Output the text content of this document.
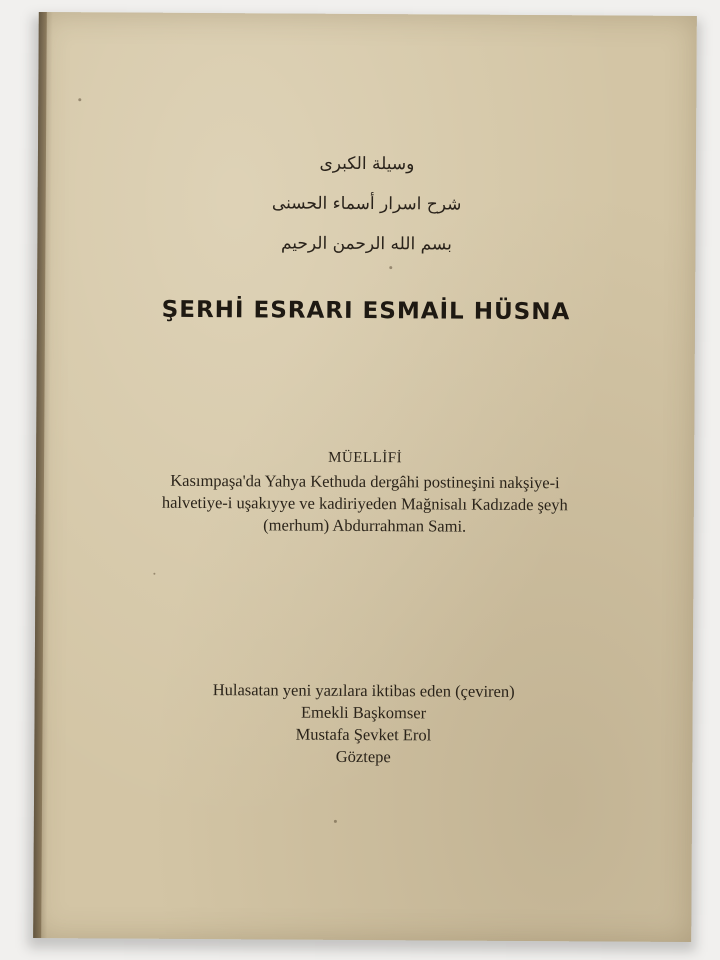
وسيلة الكبرى

شرح اسرار أسماء الحسنى

بسم الله الرحمن الرحيم

ŞERHİ ESRARI ESMAİL HÜSNA

MÜELLİFİ

Kasımpaşa'da Yahya Kethuda dergâhi postineşini nakşiye-i

halvetiye-i uşakıyye ve kadiriyeden Mağnisalı Kadızade şeyh

(merhum) Abdurrahman Sami.

Hulasatan yeni yazılara iktibas eden (çeviren)

Emekli Başkomser

Mustafa Şevket Erol

Göztepe
